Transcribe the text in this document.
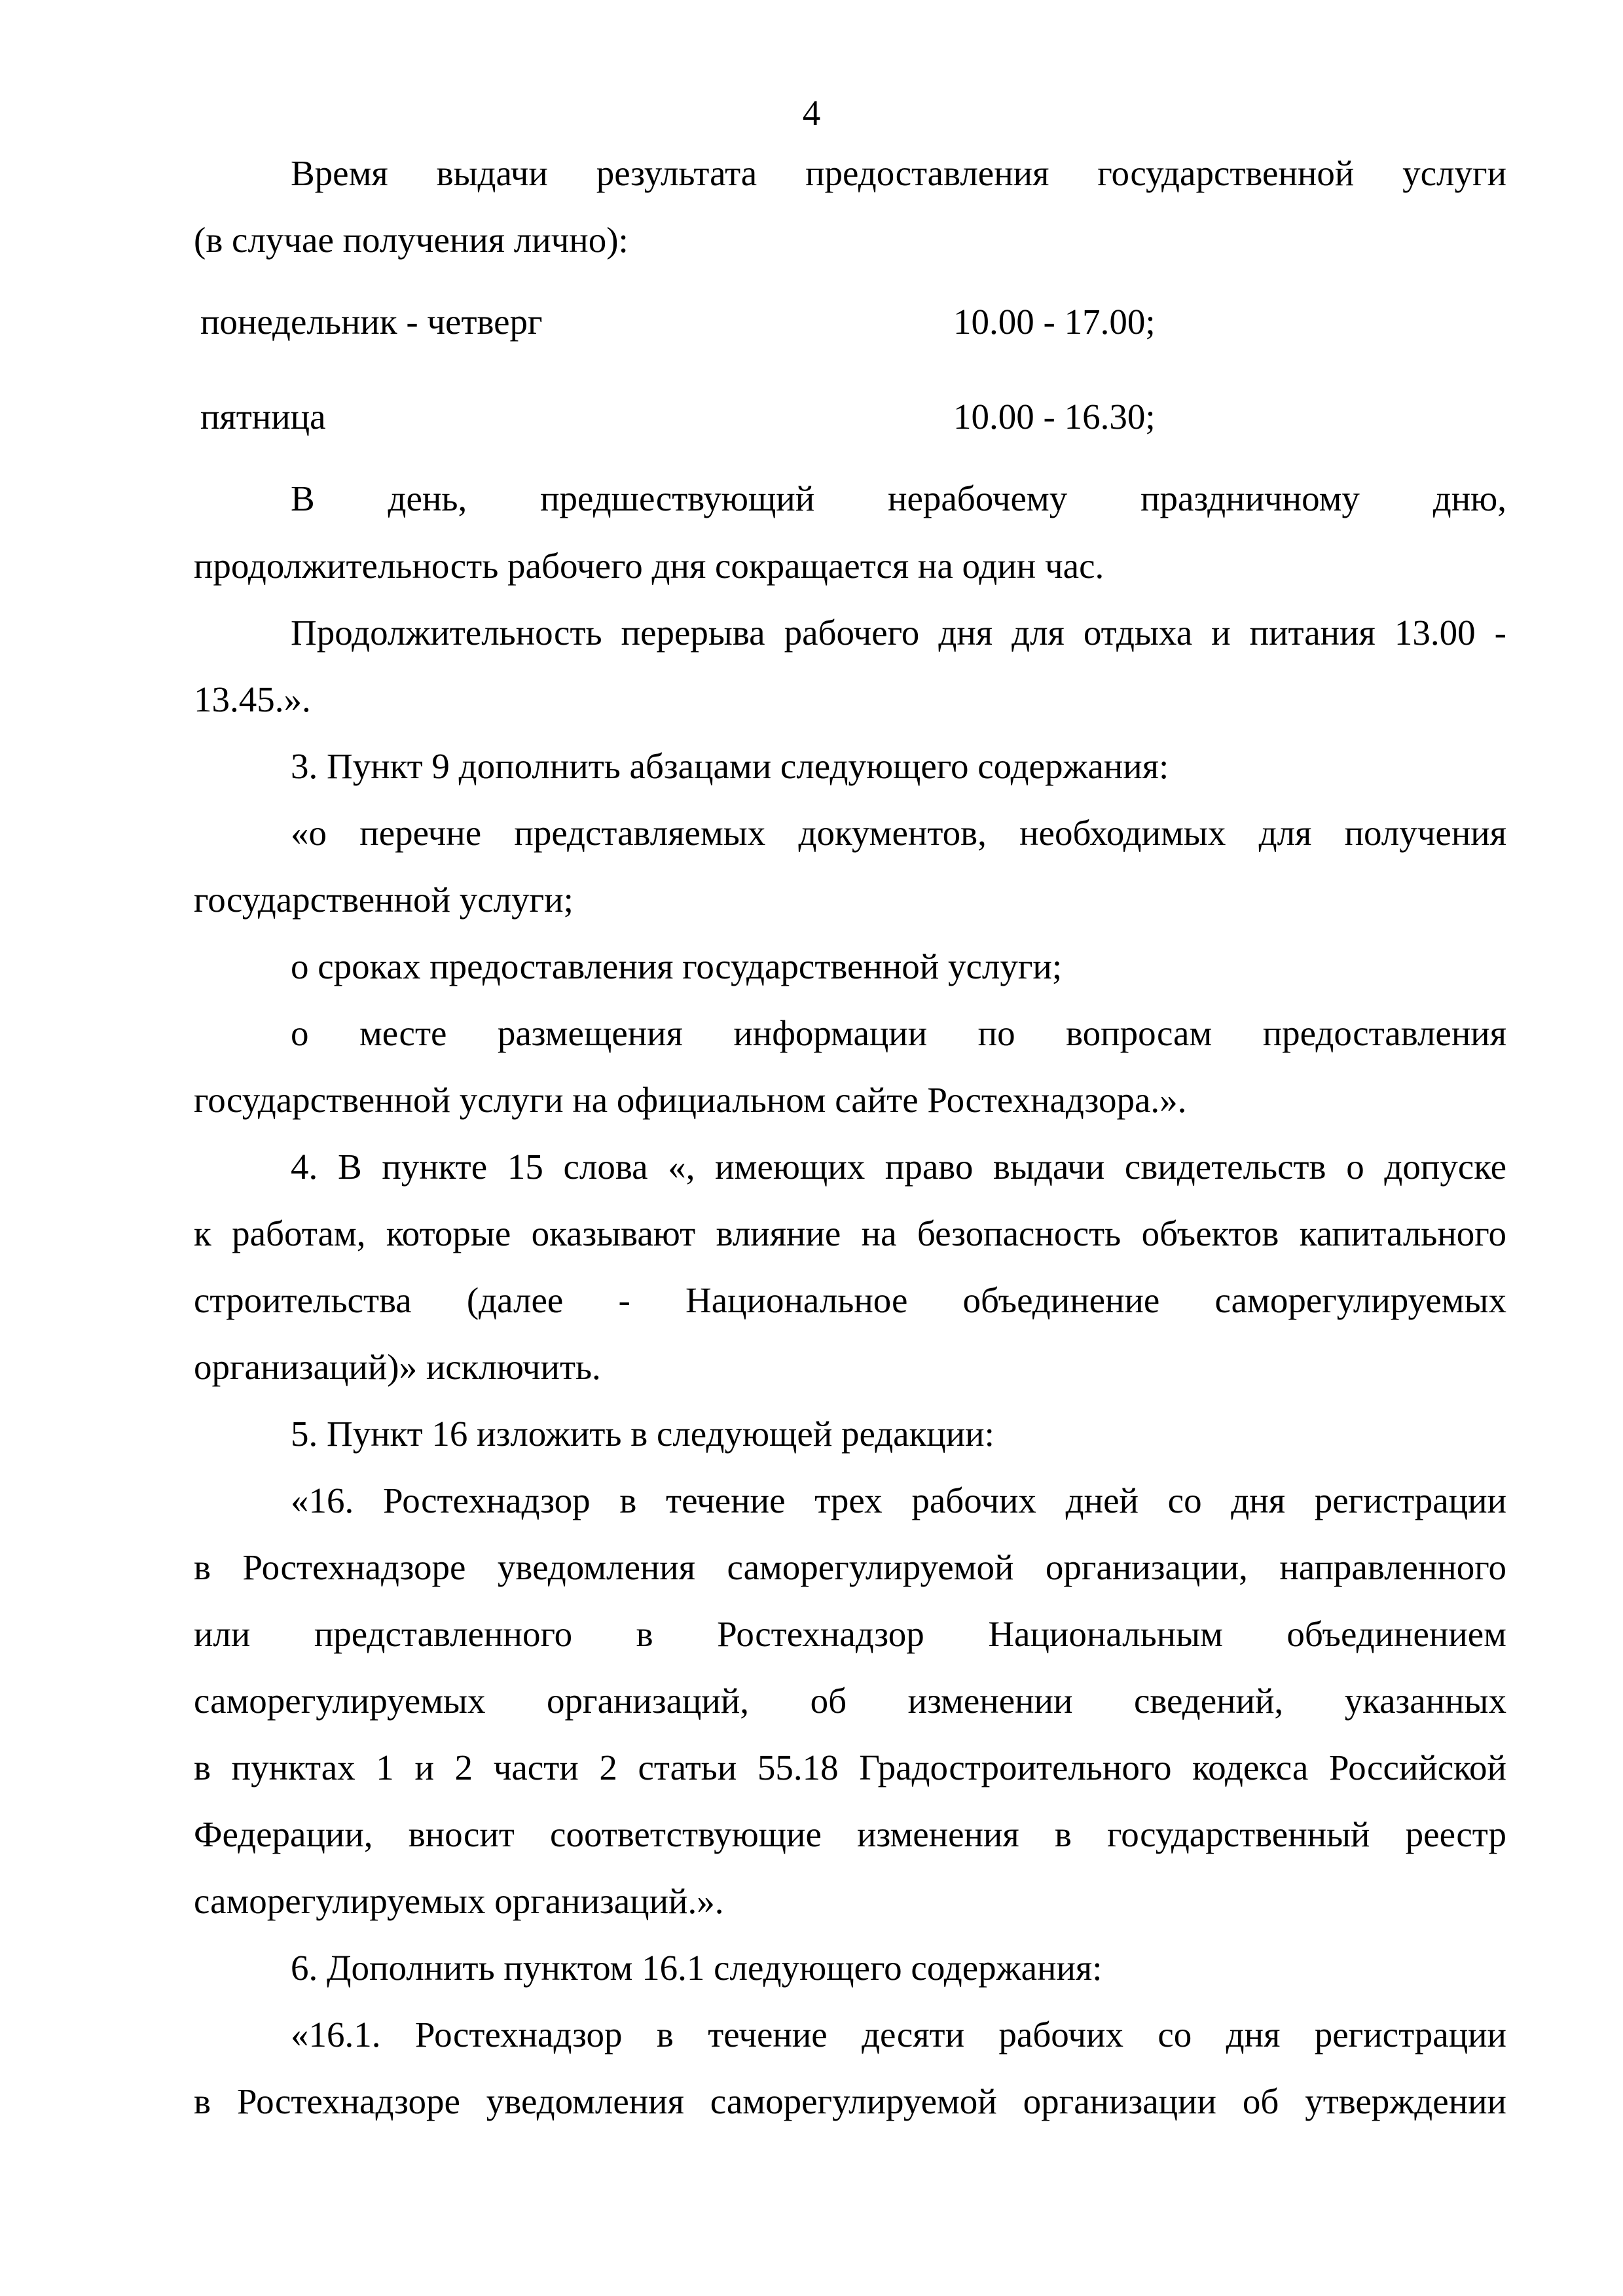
4
Время выдачи результата предоставления государственной услуги
(в случае получения лично):
понедельник - четверг	10.00 - 17.00;
пятница	10.00 - 16.30;
В день, предшествующий нерабочему праздничному дню,
продолжительность рабочего дня сокращается на один час.
Продолжительность перерыва рабочего дня для отдыха и питания 13.00 -
13.45.».
3. Пункт 9 дополнить абзацами следующего содержания:
«о перечне представляемых документов, необходимых для получения
государственной услуги;
о сроках предоставления государственной услуги;
о месте размещения информации по вопросам предоставления
государственной услуги на официальном сайте Ростехнадзора.».
4. В пункте 15 слова «, имеющих право выдачи свидетельств о допуске
к работам, которые оказывают влияние на безопасность объектов капитального
строительства (далее - Национальное объединение саморегулируемых
организаций)» исключить.
5. Пункт 16 изложить в следующей редакции:
«16. Ростехнадзор в течение трех рабочих дней со дня регистрации
в Ростехнадзоре уведомления саморегулируемой организации, направленного
или представленного в Ростехнадзор Национальным объединением
саморегулируемых организаций, об изменении сведений, указанных
в пунктах 1 и 2 части 2 статьи 55.18 Градостроительного кодекса Российской
Федерации, вносит соответствующие изменения в государственный реестр
саморегулируемых организаций.».
6. Дополнить пунктом 16.1 следующего содержания:
«16.1. Ростехнадзор в течение десяти рабочих со дня регистрации
в Ростехнадзоре уведомления саморегулируемой организации об утверждении
